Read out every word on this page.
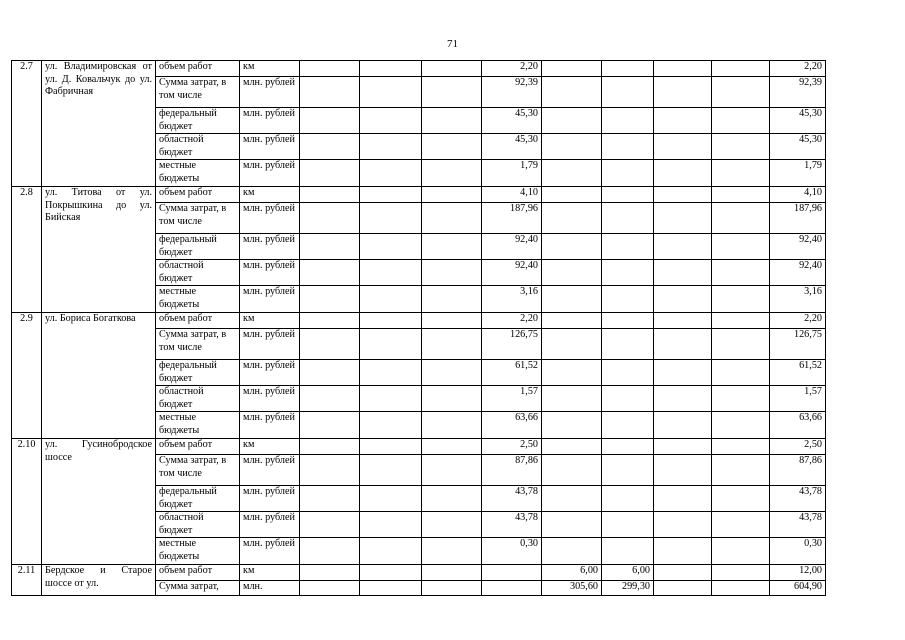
71
2.7	ул. Владимировская от ул. Д. Ковальчук до ул. Фабричная	объем работ	км				2,20					2,20
		Сумма затрат, в том числе	млн. рублей				92,39					92,39
		федеральный бюджет	млн. рублей				45,30					45,30
		областной бюджет	млн. рублей				45,30					45,30
		местные бюджеты	млн. рублей				1,79					1,79
2.8	ул. Титова от ул. Покрышкина до ул. Бийская	объем работ	км				4,10					4,10
		Сумма затрат, в том числе	млн. рублей				187,96					187,96
		федеральный бюджет	млн. рублей				92,40					92,40
		областной бюджет	млн. рублей				92,40					92,40
		местные бюджеты	млн. рублей				3,16					3,16
2.9	ул. Бориса Богаткова	объем работ	км				2,20					2,20
		Сумма затрат, в том числе	млн. рублей				126,75					126,75
		федеральный бюджет	млн. рублей				61,52					61,52
		областной бюджет	млн. рублей				1,57					1,57
		местные бюджеты	млн. рублей				63,66					63,66
2.10	ул. Гусинобродское шоссе	объем работ	км				2,50					2,50
		Сумма затрат, в том числе	млн. рублей				87,86					87,86
		федеральный бюджет	млн. рублей				43,78					43,78
		областной бюджет	млн. рублей				43,78					43,78
		местные бюджеты	млн. рублей				0,30					0,30
2.11	Бердское и Старое шоссе от ул.	объем работ	км					6,00	6,00			12,00
		Сумма затрат,	млн.					305,60	299,30			604,90
